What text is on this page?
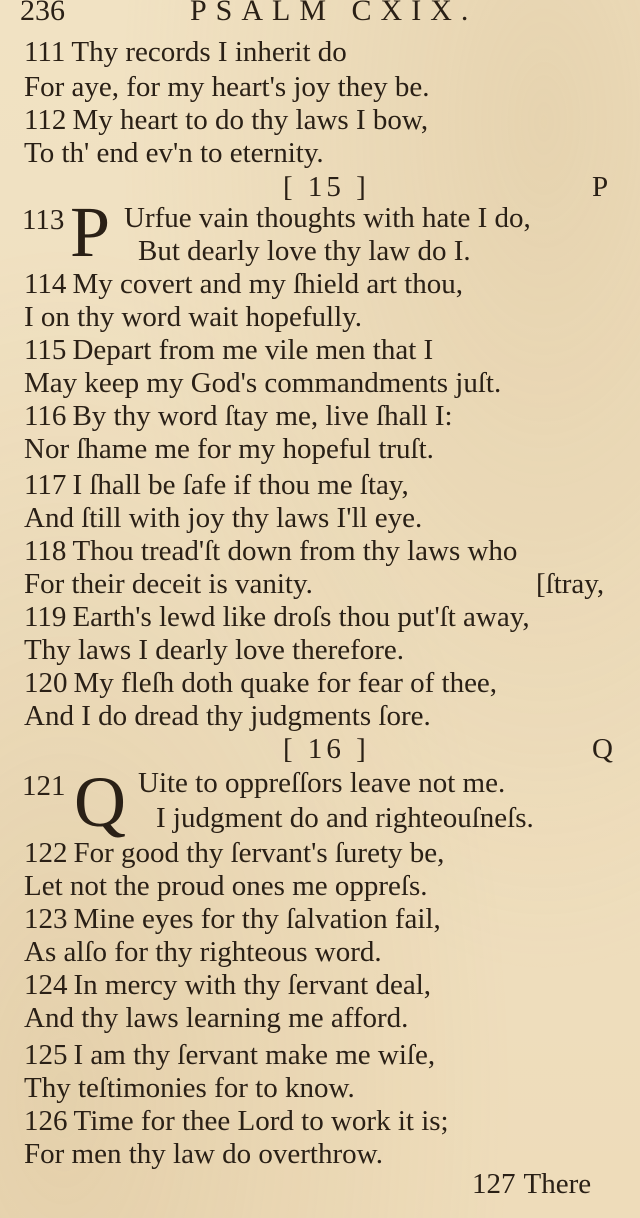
236	PSALM CXIX.
111 Thy records I inherit do
For aye, for my heart's joy they be.
112 My heart to do thy laws I bow,
To th' end ev'n to eternity.
[ 15 ]	P
113 P Urfue vain thoughts with hate I do,
But dearly love thy law do I.
114 My covert and my ſhield art thou,
I on thy word wait hopefully.
115 Depart from me vile men that I
May keep my God's commandments juſt.
116 By thy word ſtay me, live ſhall I:
Nor ſhame me for my hopeful truſt.
117 I ſhall be ſafe if thou me ſtay,
And ſtill with joy thy laws I'll eye.
118 Thou tread'ſt down from thy laws who
For their deceit is vanity.	[ſtray,
119 Earth's lewd like droſs thou put'ſt away,
Thy laws I dearly love therefore.
120 My fleſh doth quake for fear of thee,
And I do dread thy judgments ſore.
[ 16 ]	Q
121 Q Uite to oppreſſors leave not me.
I judgment do and righteouſneſs.
122 For good thy ſervant's ſurety be,
Let not the proud ones me oppreſs.
123 Mine eyes for thy ſalvation fail,
As alſo for thy righteous word.
124 In mercy with thy ſervant deal,
And thy laws learning me afford.
125 I am thy ſervant make me wiſe,
Thy teſtimonies for to know.
126 Time for thee Lord to work it is;
For men thy law do overthrow.
127 There
